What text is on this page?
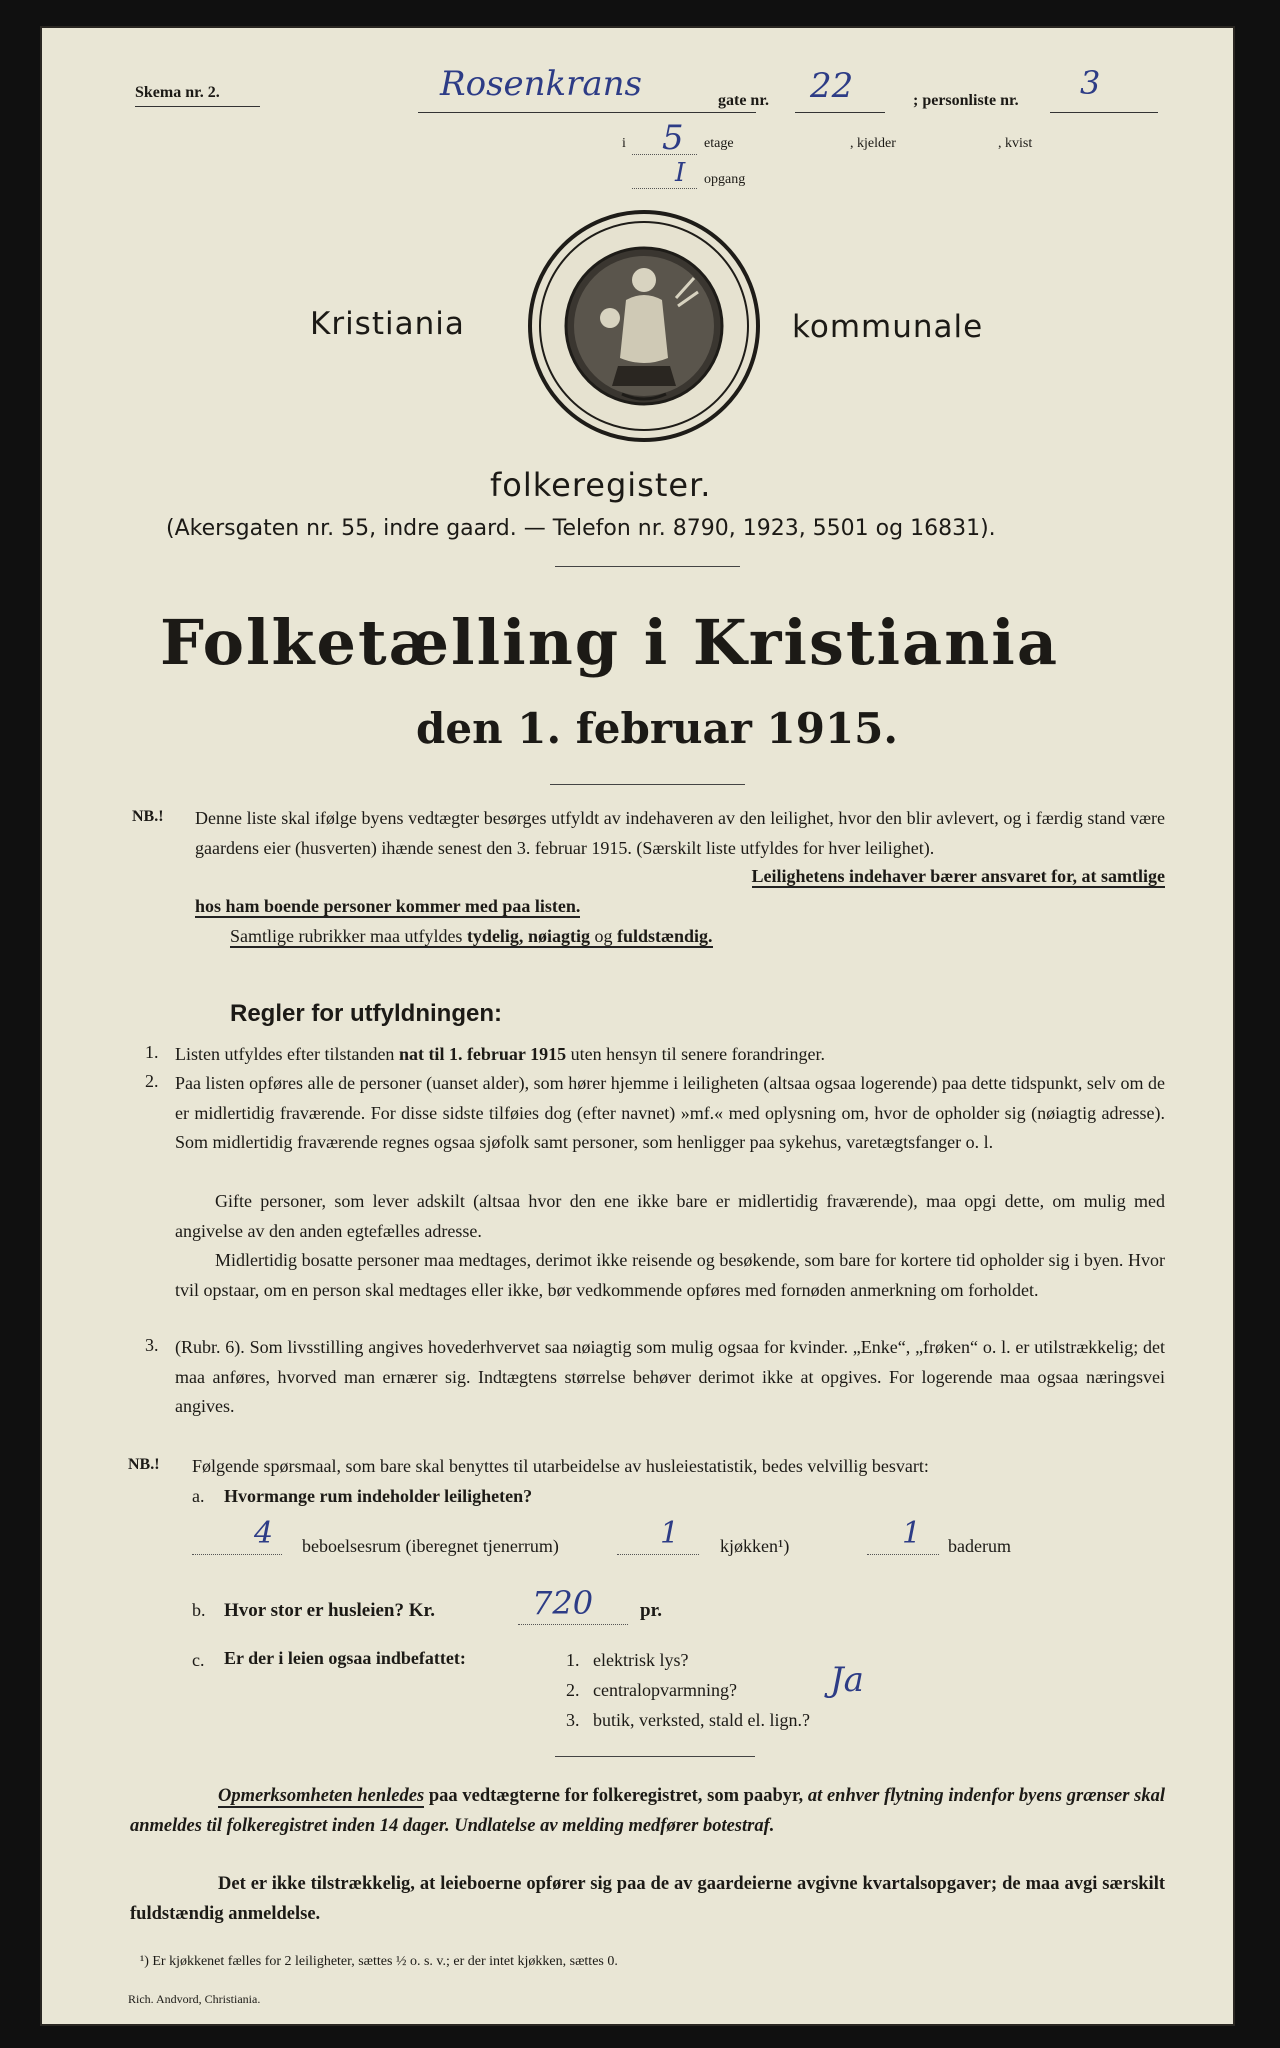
Skema nr. 2.	Rosenkrans	gate nr. 22	; personliste nr. 3
i 5 etage	, kjelder	, kvist
I opgang
Kristiania	kommunale
folkeregister.
(Akersgaten nr. 55, indre gaard. — Telefon nr. 8790, 1923, 5501 og 16831).
Folketælling i Kristiania
den 1. februar 1915.
NB.! Denne liste skal ifølge byens vedtægter besørges utfyldt av indehaveren av den leilighet, hvor den blir avlevert, og i færdig stand være gaardens eier (husverten) ihænde senest den 3. februar 1915. (Særskilt liste utfyldes for hver leilighet).

Leilighetens indehaver bærer ansvaret for, at samtlige

hos ham boende personer kommer med paa listen.

Samtlige rubrikker maa utfyldes tydelig, nøiagtig og fuldstændig.
Regler for utfyldningen:
1. Listen utfyldes efter tilstanden nat til 1. februar 1915 uten hensyn til senere forandringer.

2. Paa listen opføres alle de personer (uanset alder), som hører hjemme i leiligheten (altsaa ogsaa logerende) paa dette tidspunkt, selv om de er midlertidig fraværende. For disse sidste tilføies dog (efter navnet) »mf.« med oplysning om, hvor de opholder sig (nøiagtig adresse). Som midlertidig fraværende regnes ogsaa sjøfolk samt personer, som henligger paa sykehus, varetægtsfanger o. l.

Gifte personer, som lever adskilt (altsaa hvor den ene ikke bare er midlertidig fraværende), maa opgi dette, om mulig med angivelse av den anden egtefælles adresse.

Midlertidig bosatte personer maa medtages, derimot ikke reisende og besøkende, som bare for kortere tid opholder sig i byen. Hvor tvil opstaar, om en person skal medtages eller ikke, bør vedkommende opføres med fornøden anmerkning om forholdet.

3. (Rubr. 6). Som livsstilling angives hovederhvervet saa nøiagtig som mulig ogsaa for kvinder. „Enke“, „frøken“ o. l. er utilstrækkelig; det maa anføres, hvorved man ernærer sig. Indtægtens størrelse behøver derimot ikke at opgives. For logerende maa ogsaa næringsvei angives.

NB.! Følgende spørsmaal, som bare skal benyttes til utarbeidelse av husleiestatistik, bedes velvillig besvart:

a. Hvormange rum indeholder leiligheten?
4 beboelsesrum (iberegnet tjenerrum)	1 kjøkken¹)	1 baderum
b. Hvor stor er husleien? Kr.	720 pr.
c. Er der i leien ogsaa indbefattet:	1. elektrisk lys?
2. centralopvarmning?	Ja
3. butik, verksted, stald el. lign.?

Opmerksomheten henledes paa vedtægterne for folkeregistret, som paabyr, at enhver flytning indenfor byens grænser skal anmeldes til folkeregistret inden 14 dager. Undlatelse av melding medfører botestraf.

Det er ikke tilstrækkelig, at leieboerne opfører sig paa de av gaardeierne avgivne kvartalsopgaver; de maa avgi særskilt fuldstændig anmeldelse.

¹) Er kjøkkenet fælles for 2 leiligheter, sættes ½ o. s. v.; er der intet kjøkken, sættes 0.
Rich. Andvord, Christiania.
